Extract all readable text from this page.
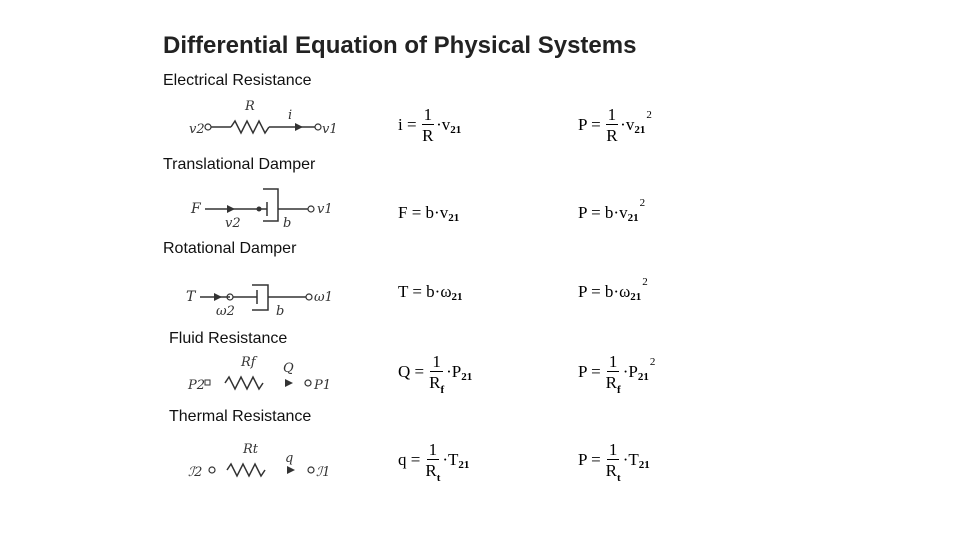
Differential Equation of Physical Systems
Electrical Resistance
Translational Damper
Rotational Damper
Fluid Resistance
Thermal Resistance
v2	v1
R
i
F
v2	b
v1
T
ω2	b
ω1
P2	P1
Rf Q
ℐ2	ℐ1
Rt
q
$i = \frac{1}{R} \cdot v$ 21	$P = \frac{1}{R} \cdot v$ 21
2
F = b·v 21	P = b·v 21
2
T = b·ω 21	P = b·ω 21
2
$Q = \frac{1}{R_f} \cdot P$ 21	$P = \frac{1}{R_f} \cdot P$ 21
2
$q = \frac{1}{R_t} \cdot T$ 21	$P = \frac{1}{R_t} \cdot T$ 21
